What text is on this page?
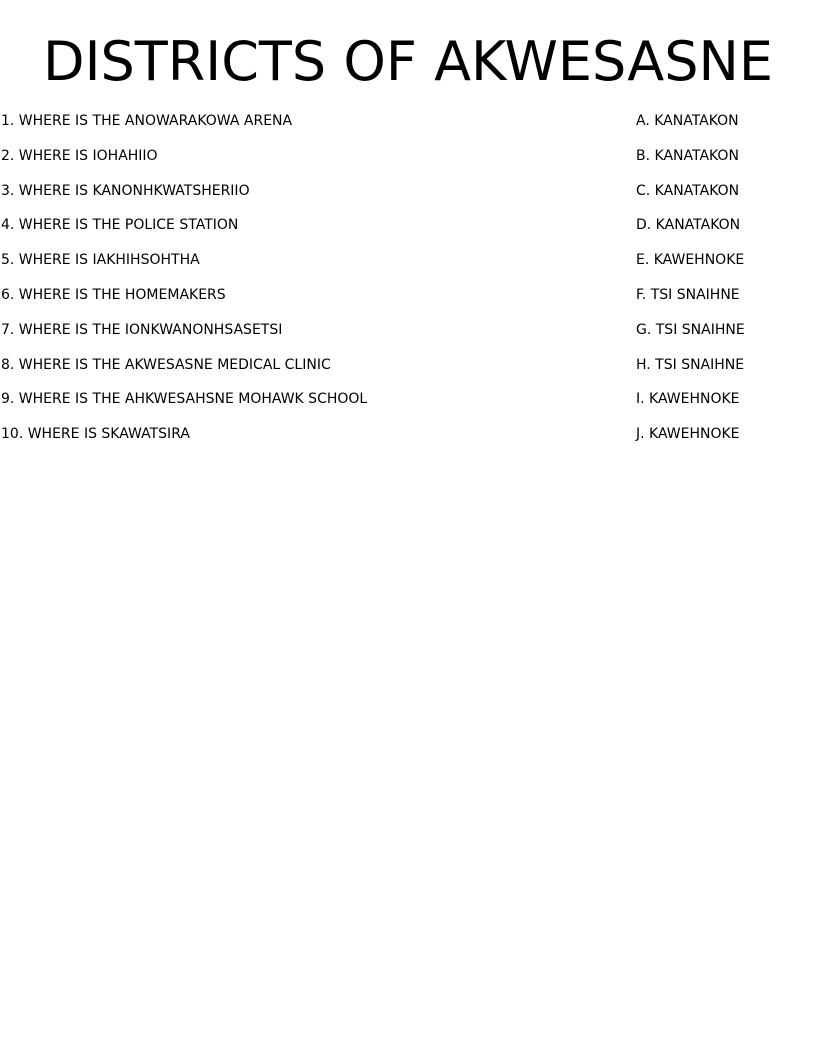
DISTRICTS OF AKWESASNE
1. WHERE IS THE ANOWARAKOWA ARENA
2. WHERE IS IOHAHIIO
3. WHERE IS KANONHKWATSHERIIO
4. WHERE IS THE POLICE STATION
5. WHERE IS IAKHIHSOHTHA
6. WHERE IS THE HOMEMAKERS
7. WHERE IS THE IONKWANONHSASETSI
8. WHERE IS THE AKWESASNE MEDICAL CLINIC
9. WHERE IS THE AHKWESAHSNE MOHAWK SCHOOL
10. WHERE IS SKAWATSIRA
A. KANATAKON
B. KANATAKON
C. KANATAKON
D. KANATAKON
E. KAWEHNOKE
F. TSI SNAIHNE
G. TSI SNAIHNE
H. TSI SNAIHNE
I. KAWEHNOKE
J. KAWEHNOKE
